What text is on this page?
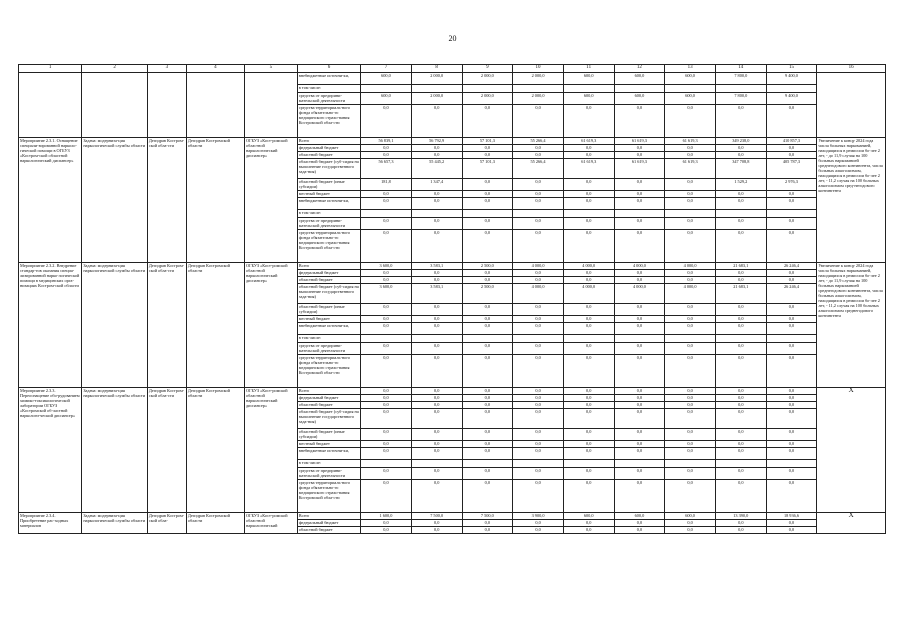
20
1	2	3	4	5	6	7	8	9	10	11	12	13	14	15	16
					внебюджетные источни-ки,	600,0	2 000,0	2 000,0	2 000,0	600,0	600,0	600,0	7 800,0	9 400,0	
					в том числе:										
					средства от предприни-мательской деятельности	600,0	2 000,0	2 000,0	2 000,0	600,0	600,0	600,0	7 800,0	9 400,0	
					средства территориаль-ного фонда обязательно-го медицинского страхо-вания Костромской обла-сти	0,0	0,0	0,0	0,0	0,0	0,0	0,0	0,0	0,0	
Мероприятие 2.3.1. Оснащение специали-зированной нарколо-гической помощи в ОГБУЗ «Костром-ской областной наркологический диспансер»	Задача: модерниза-ция наркологической службы области	Депздрав Костром-ской обла-сти	Депздрав Костромской области	ОГБУЗ «Кост-ромской областной наркологический диспансер»	Всего	56 839,1	56 792,9	57 101,3	55 266,4	61 619,3	61 619,3	61 619,3	349 238,0	410 857,3	Увеличение к концу 2024 года числа больных наркоманией, находящихся в ремиссии бо-лее 2 лет, - до 11,9 случая на 100 больных наркоманией среднегодового контингента, числа больных алкоголизмом, находящихся в ремиссии бо-лее 2 лет, - 11,2 случая на 100 больных алкоголизмом сред-негодового контингента
					федеральный бюджет	0,0	0,0	0,0	0,0	0,0	0,0	0,0	0,0	0,0	
					областной бюджет	0,0	0,0	0,0	0,0	0,0	0,0	0,0	0,0	0,0	
					областной бюджет (суб-сидия на выполнение государственного зада-ния)	56 657,3	55 445,2	57 101,3	55 266,4	61 619,3	61 619,3	61 619,3	347 708,8	405 787,3	
					областной бюджет (иные субсидии)	181,8	1 347,4	0,0	0,0	0,0	0,0	0,0	1 529,2	2 976,3	
					местный бюджет	0,0	0,0	0,0	0,0	0,0	0,0	0,0	0,0	0,0	
					внебюджетные источни-ки,	0,0	0,0	0,0	0,0	0,0	0,0	0,0	0,0	0,0	
					в том числе:										
					средства от предприни-мательской деятельности	0,0	0,0	0,0	0,0	0,0	0,0	0,0	0,0	0,0	
					средства территориаль-ного фонда обязательно-го медицинского страхо-вания Костромской обла-сти	0,0	0,0	0,0	0,0	0,0	0,0	0,0	0,0	0,0	
Мероприятие 2.3.2. Внедрение стандар-тов оказания специа-лизированной нарко-логической помощи в медицинских орга-низациях Костром-ской области	Задача: модерниза-ция наркологической службы области	Депздрав Костром-ской обла-сти	Депздрав Костромской области	ОГБУЗ «Кост-ромской областной наркологический диспансер»	Всего	3 600,0	3 583,1	2 500,0	4 000,0	4 000,0	4 000,0	4 000,0	21 683,1	26 246,4	Увеличение к концу 2024 года числа больных наркоманией, находящихся в ремиссии бо-лее 2 лет, - до 11,9 случая на 100 больных наркоманией среднегодового контингента, числа больных алкоголизмом, находящихся в ремиссии бо-лее 2 лет, - 11,2 случая на 100 больных алкоголизмом среднегодового контингента
					федеральный бюджет	0,0	0,0	0,0	0,0	0,0	0,0	0,0	0,0	0,0	
					областной бюджет	0,0	0,0	0,0	0,0	0,0	0,0	0,0	0,0	0,0	
					областной бюджет (суб-сидия на выполнение государственного зада-ния)	3 600,0	3 583,1	2 500,0	4 000,0	4 000,0	4 000,0	4 000,0	21 683,1	26 246,4	
					областной бюджет (иные субсидии)	0,0	0,0	0,0	0,0	0,0	0,0	0,0	0,0	0,0	
					местный бюджет	0,0	0,0	0,0	0,0	0,0	0,0	0,0	0,0	0,0	
					внебюджетные источни-ки,	0,0	0,0	0,0	0,0	0,0	0,0	0,0	0,0	0,0	
					в том числе:										
					средства от предприни-мательской деятельности	0,0	0,0	0,0	0,0	0,0	0,0	0,0	0,0	0,0	
					средства территориаль-ного фонда обязательно-го медицинского страхо-вания Костромской обла-сти	0,0	0,0	0,0	0,0	0,0	0,0	0,0	0,0	0,0	
Мероприятие 2.3.3. Переоснащение обо-рудованием химико-токсикологической лаборатории ОГБУЗ «Костромской об-ластной наркологи-ческий диспансер»	Задача: модерниза-ция наркологической службы области	Депздрав Костром-ской обла-сти	Депздрав Костромской области	ОГБУЗ «Кост-ромской областной наркологический диспансер»	Всего	0,0	0,0	0,0	0,0	0,0	0,0	0,0	0,0	0,0	Х
					федеральный бюджет	0,0	0,0	0,0	0,0	0,0	0,0	0,0	0,0	0,0	
					областной бюджет	0,0	0,0	0,0	0,0	0,0	0,0	0,0	0,0	0,0	
					областной бюджет (суб-сидия на выполнение государственного зада-ния)	0,0	0,0	0,0	0,0	0,0	0,0	0,0	0,0	0,0	
					областной бюджет (иные субсидии)	0,0	0,0	0,0	0,0	0,0	0,0	0,0	0,0	0,0	
					местный бюджет	0,0	0,0	0,0	0,0	0,0	0,0	0,0	0,0	0,0	
					внебюджетные источни-ки,	0,0	0,0	0,0	0,0	0,0	0,0	0,0	0,0	0,0	
					в том числе:										
					средства от предприни-мательской деятельности	0,0	0,0	0,0	0,0	0,0	0,0	0,0	0,0	0,0	
					средства территориаль-ного фонда обязательно-го медицинского страхо-вания Костромской обла-сти	0,0	0,0	0,0	0,0	0,0	0,0	0,0	0,0	0,0	
Мероприятие 2.3.4. Приобретение рас-ходных материалов	Задача: модерниза-ция наркологической службы области	Депздрав Костром-ской обла-	Депздрав Костромской области	ОГБУЗ «Кост-ромской областной наркологический	Всего	1 600,0	7 500,0	7 500,0	3 900,0	600,0	600,0	600,0	13 390,0	18 936,6	Х
					федеральный бюджет	0,0	0,0	0,0	0,0	0,0	0,0	0,0	0,0	0,0	
					областной бюджет	0,0	0,0	0,0	0,0	0,0	0,0	0,0	0,0	0,0	
